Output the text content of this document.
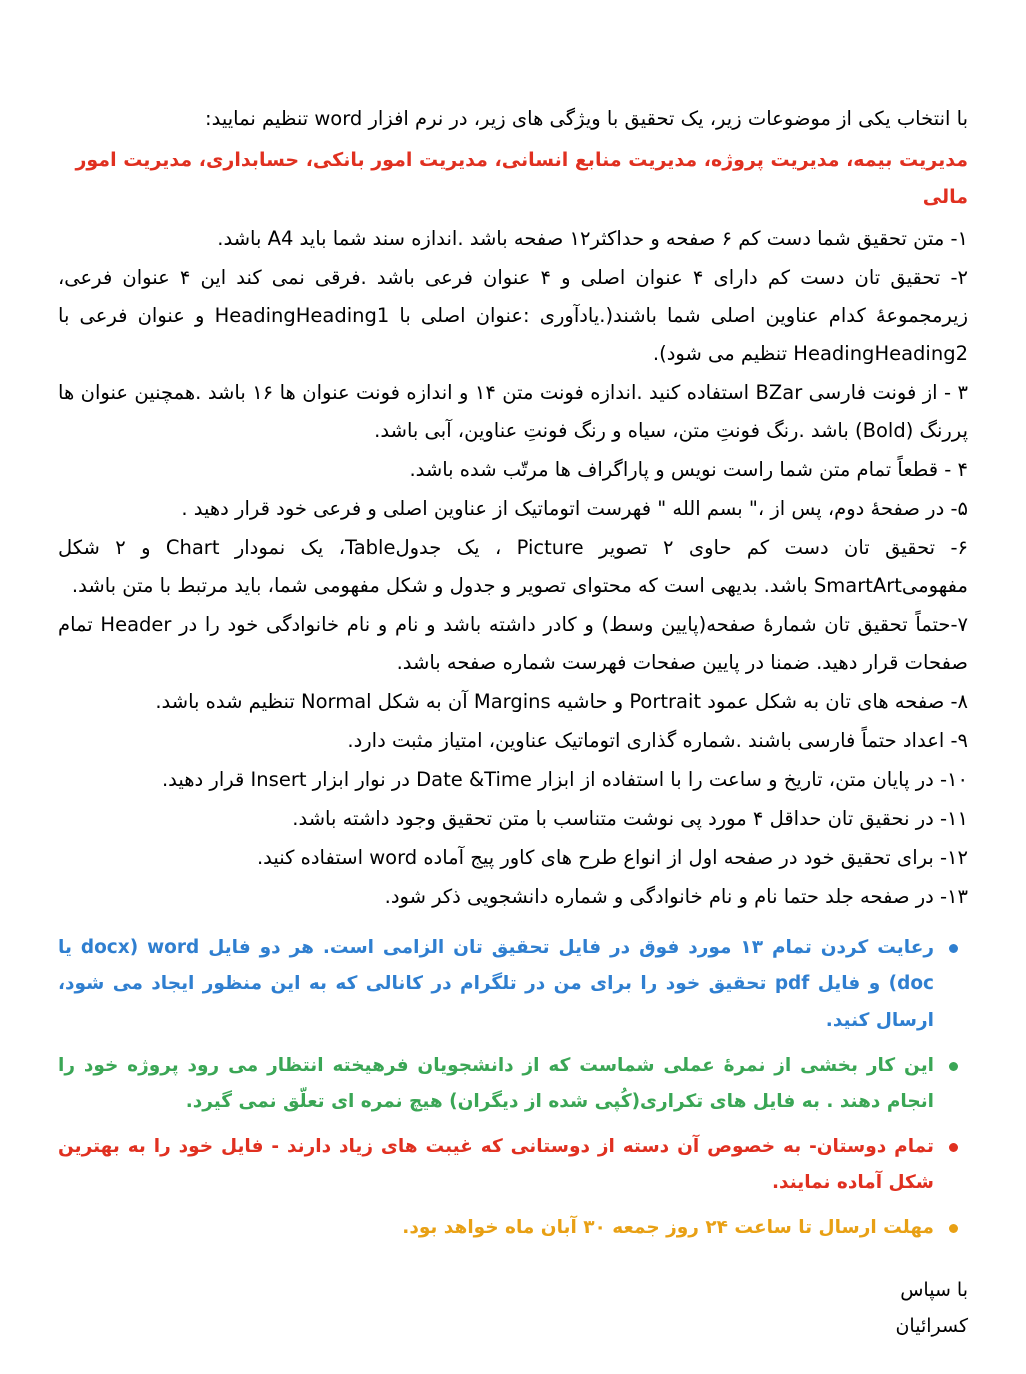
با انتخاب یکی از موضوعات زیر، یک تحقیق با ویژگی های زیر، در نرم افزار word تنظیم نمایید:

مدیریت بیمه، مدیریت پروژه، مدیریت منابع انسانی، مدیریت امور بانکی، حسابداری، مدیریت امور مالی

۱- متن تحقیق شما دست کم ۶ صفحه و حداکثر۱۲ صفحه باشد .اندازه سند شما باید A4 باشد.
۲- تحقیق تان دست کم دارای ۴ عنوان اصلی و ۴ عنوان فرعی باشد .فرقی نمی کند این ۴ عنوان فرعی، زیرمجموعهٔ کدام عناوین اصلی شما باشند(.یادآوری :عنوان اصلی با HeadingHeading1 و عنوان فرعی با HeadingHeading2 تنظیم می شود).
۳ - از فونت فارسی BZar استفاده کنید .اندازه فونت متن ۱۴ و اندازه فونت عنوان ها ۱۶ باشد .همچنین عنوان ها پررنگ (Bold) باشد .رنگ فونتِ متن، سیاه و رنگ فونتِ عناوین، آبی باشد.
۴ - قطعاً تمام متن شما راست نویس و پاراگراف ها مرتّب شده باشد.
۵- در صفحهٔ دوم، پس از ،" بسم الله " فهرست اتوماتیک از عناوین اصلی و فرعی خود قرار دهید .
۶- تحقیق تان دست کم حاوی ۲ تصویر Picture ، یک جدولTable، یک نمودار Chart و ۲ شکل مفهومیSmartArt باشد. بدیهی است که محتوای تصویر و جدول و شکل مفهومی شما، باید مرتبط با متن باشد.
۷-حتماً تحقیق تان شمارهٔ صفحه(پایین وسط) و کادر داشته باشد و نام و نام خانوادگی خود را در Header تمام صفحات قرار دهید. ضمنا در پایین صفحات فهرست شماره صفحه باشد.
۸- صفحه های تان به شکل عمود Portrait و حاشیه Margins آن به شکل Normal تنظیم شده باشد.
۹- اعداد حتماً فارسی باشند .شماره گذاری اتوماتیک عناوین، امتیاز مثبت دارد.
۱۰- در پایان متن، تاریخ و ساعت را با استفاده از ابزار Date &Time در نوار ابزار Insert قرار دهید.
۱۱- در نحقیق تان حداقل ۴ مورد پی نوشت متناسب با متن تحقیق وجود داشته باشد.
۱۲- برای تحقیق خود در صفحه اول از انواع طرح های کاور پیج آماده word استفاده کنید.
۱۳- در صفحه جلد حتما نام و نام خانوادگی و شماره دانشجویی ذکر شود.
رعایت کردن تمام ۱۳ مورد فوق در فایل تحقیق تان الزامی است. هر دو فایل word (docx یا doc) و فایل pdf تحقیق خود را برای من در تلگرام در کانالی که به این منظور ایجاد می شود، ارسال کنید.
این کار بخشی از نمرهٔ عملی شماست که از دانشجویان فرهیخته انتظار می رود پروژه خود را انجام دهند . به فایل های تکراری(کُپی شده از دیگران) هیچ نمره ای تعلّق نمی گیرد.
تمام دوستان- به خصوص آن دسته از دوستانی که غیبت های زیاد دارند - فایل خود را به بهترین شکل آماده نمایند.
مهلت ارسال تا ساعت ۲۴ روز جمعه ۳۰ آبان ماه خواهد بود.
با سپاس
کسرائیان
